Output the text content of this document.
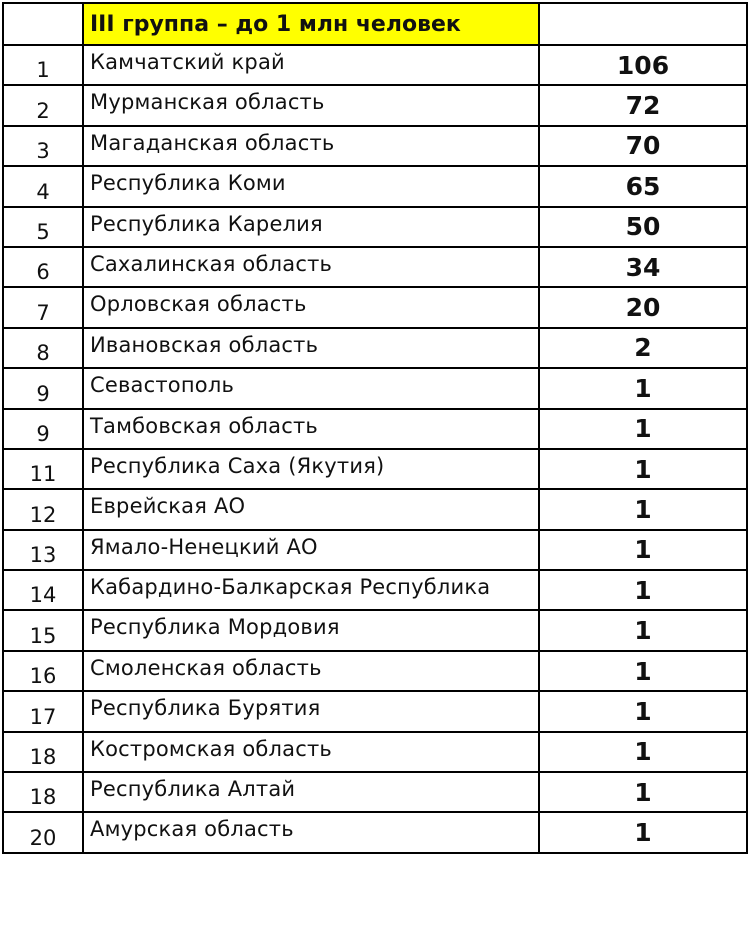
	III группа – до 1 млн человек	
1	Камчатский край	106
2	Мурманская область	72
3	Магаданская область	70
4	Республика Коми	65
5	Республика Карелия	50
6	Сахалинская область	34
7	Орловская область	20
8	Ивановская область	2
9	Севастополь	1
9	Тамбовская область	1
11	Республика Саха (Якутия)	1
12	Еврейская АО	1
13	Ямало-Ненецкий АО	1
14	Кабардино-Балкарская Республика	1
15	Республика Мордовия	1
16	Смоленская область	1
17	Республика Бурятия	1
18	Костромская область	1
18	Республика Алтай	1
20	Амурская область	1
